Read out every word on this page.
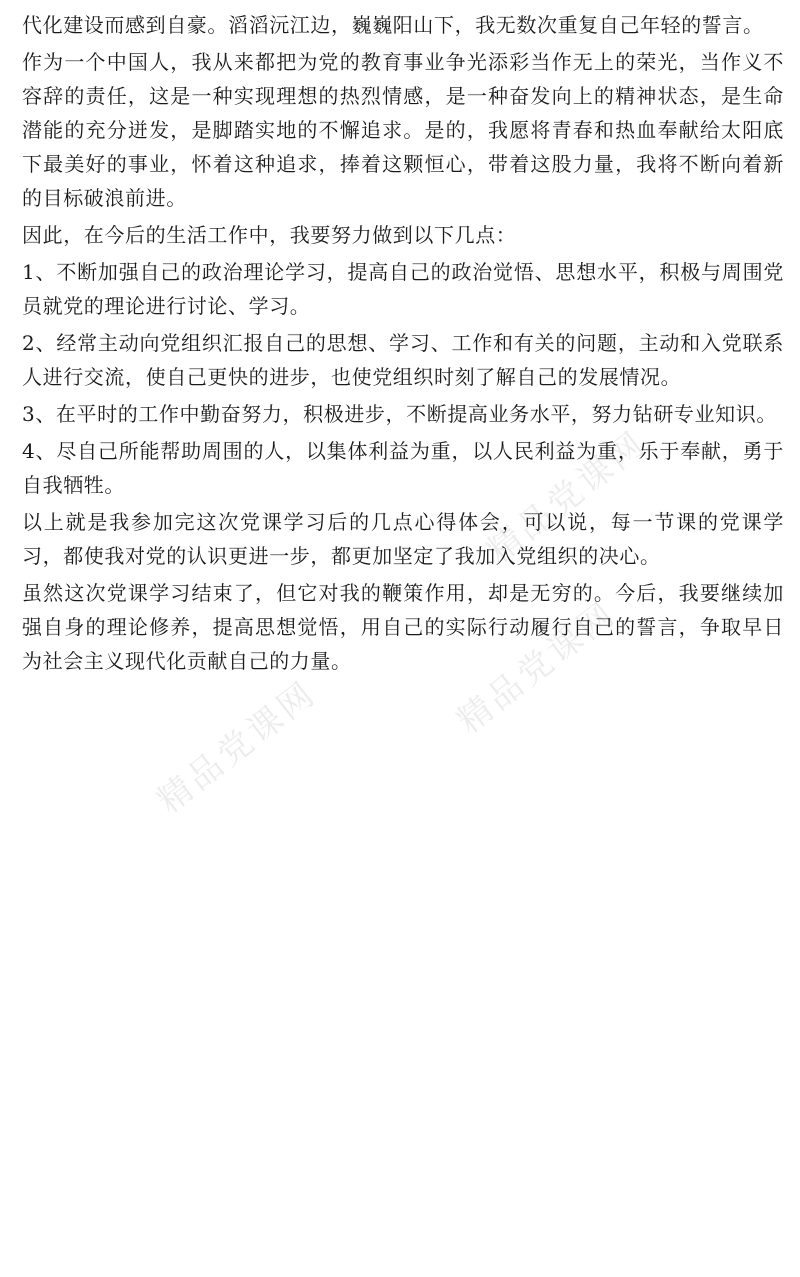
精品党课网
精品党课网
精品党课网

代化建设而感到自豪。滔滔沅江边，巍巍阳山下，我无数次重复自己年轻的誓言。

作为一个中国人，我从来都把为党的教育事业争光添彩当作无上的荣光，当作义不容辞的责任，这是一种实现理想的热烈情感，是一种奋发向上的精神状态，是生命潜能的充分迸发，是脚踏实地的不懈追求。是的，我愿将青春和热血奉献给太阳底下最美好的事业，怀着这种追求，捧着这颗恒心，带着这股力量，我将不断向着新的目标破浪前进。

因此，在今后的生活工作中，我要努力做到以下几点：

1、不断加强自己的政治理论学习，提高自己的政治觉悟、思想水平，积极与周围党员就党的理论进行讨论、学习。

2、经常主动向党组织汇报自己的思想、学习、工作和有关的问题，主动和入党联系人进行交流，使自己更快的进步，也使党组织时刻了解自己的发展情况。

3、在平时的工作中勤奋努力，积极进步，不断提高业务水平，努力钻研专业知识。

4、尽自己所能帮助周围的人，以集体利益为重，以人民利益为重，乐于奉献，勇于自我牺牲。

以上就是我参加完这次党课学习后的几点心得体会，可以说，每一节课的党课学习，都使我对党的认识更进一步，都更加坚定了我加入党组织的决心。

虽然这次党课学习结束了，但它对我的鞭策作用，却是无穷的。今后，我要继续加强自身的理论修养，提高思想觉悟，用自己的实际行动履行自己的誓言，争取早日为社会主义现代化贡献自己的力量。
